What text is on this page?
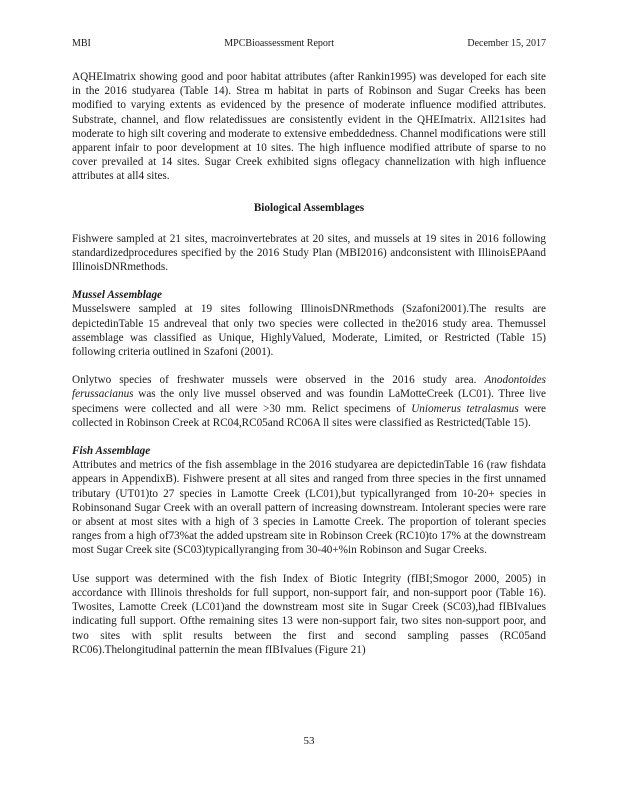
MBI	MPCBioassessment Report	December 15, 2017

AQHEImatrix showing good and poor habitat attributes (after Rankin1995) was developed for each site in the 2016 studyarea (Table 14). Strea m habitat in parts of Robinson and Sugar Creeks has been modified to varying extents as evidenced by the presence of moderate influence modified attributes. Substrate, channel, and flow relatedissues are consistently evident in the QHEImatrix. All21sites had moderate to high silt covering and moderate to extensive embeddedness. Channel modifications were still apparent infair to poor development at 10 sites. The high influence modified attribute of sparse to no cover prevailed at 14 sites. Sugar Creek exhibited signs oflegacy channelization with high influence attributes at all4 sites.

Biological Assemblages

Fishwere sampled at 21 sites, macroinvertebrates at 20 sites, and mussels at 19 sites in 2016 following standardizedprocedures specified by the 2016 Study Plan (MBI2016) andconsistent with IllinoisEPAand IllinoisDNRmethods.

Mussel Assemblage

Musselswere sampled at 19 sites following IllinoisDNRmethods (Szafoni2001).The results are depictedinTable 15 andreveal that only two species were collected in the2016 study area. Themussel assemblage was classified as Unique, HighlyValued, Moderate, Limited, or Restricted (Table 15) following criteria outlined in Szafoni (2001).

Onlytwo species of freshwater mussels were observed in the 2016 study area. Anodontoides ferussacianus was the only live mussel observed and was foundin LaMotteCreek (LC01). Three live specimens were collected and all were >30 mm. Relict specimens of Uniomerus tetralasmus were collected in Robinson Creek at RC04,RC05and RC06A ll sites were classified as Restricted(Table 15).

Fish Assemblage

Attributes and metrics of the fish assemblage in the 2016 studyarea are depictedinTable 16 (raw fishdata appears in AppendixB). Fishwere present at all sites and ranged from three species in the first unnamed tributary (UT01)to 27 species in Lamotte Creek (LC01),but typicallyranged from 10-20+ species in Robinsonand Sugar Creek with an overall pattern of increasing downstream. Intolerant species were rare or absent at most sites with a high of 3 species in Lamotte Creek. The proportion of tolerant species ranges from a high of73%at the added upstream site in Robinson Creek (RC10)to 17% at the downstream most Sugar Creek site (SC03)typicallyranging from 30-40+%in Robinson and Sugar Creeks.

Use support was determined with the fish Index of Biotic Integrity (fIBI;Smogor 2000, 2005) in accordance with Illinois thresholds for full support, non-support fair, and non-support poor (Table 16). Twosites, Lamotte Creek (LC01)and the downstream most site in Sugar Creek (SC03),had fIBIvalues indicating full support. Ofthe remaining sites 13 were non-support fair, two sites non-support poor, and two sites with split results between the first and second sampling passes (RC05and RC06).Thelongitudinal patternin the mean fIBIvalues (Figure 21)

53
